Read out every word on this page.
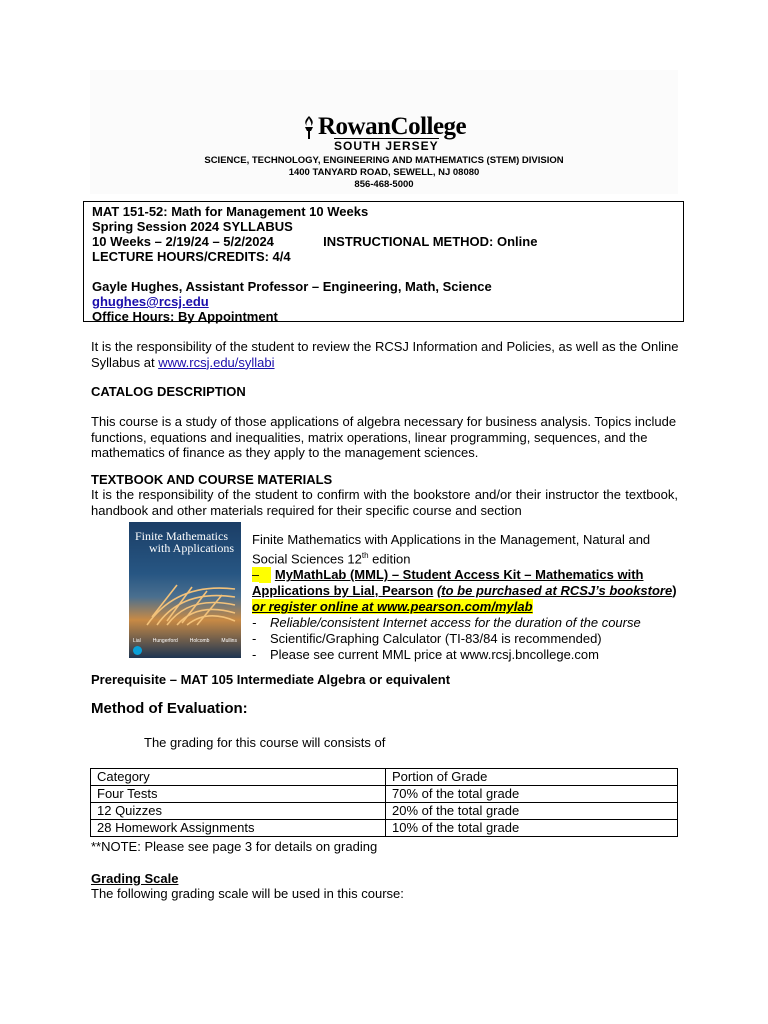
RowanCollege
SOUTH JERSEY
SCIENCE, TECHNOLOGY, ENGINEERING AND MATHEMATICS (STEM) DIVISION
1400 TANYARD ROAD, SEWELL, NJ 08080
856-468-5000
MAT 151-52: Math for Management 10 Weeks
Spring Session 2024 SYLLABUS
10 Weeks – 2/19/24 – 5/2/2024	INSTRUCTIONAL METHOD: Online
LECTURE HOURS/CREDITS: 4/4
Gayle Hughes, Assistant Professor – Engineering, Math, Science
ghughes@rcsj.edu
Office Hours: By Appointment
It is the responsibility of the student to review the RCSJ Information and Policies, as well as the Online Syllabus at www.rcsj.edu/syllabi
CATALOG DESCRIPTION
This course is a study of those applications of algebra necessary for business analysis. Topics include functions, equations and inequalities, matrix operations, linear programming, sequences, and the mathematics of finance as they apply to the management sciences.
TEXTBOOK AND COURSE MATERIALS
It is the responsibility of the student to confirm with the bookstore and/or their instructor the textbook, handbook and other materials required for their specific course and section
Finite Mathematics
with Applications
Lial Hungerford Holcomb Mullins
Finite Mathematics with Applications in the Management, Natural and Social Sciences 12th edition
– MyMathLab (MML) – Student Access Kit – Mathematics with Applications by Lial, Pearson (to be purchased at RCSJ’s bookstore) or register online at www.pearson.com/mylab
- Reliable/consistent Internet access for the duration of the course
- Scientific/Graphing Calculator (TI-83/84 is recommended)
- Please see current MML price at www.rcsj.bncollege.com
Prerequisite – MAT 105 Intermediate Algebra or equivalent
Method of Evaluation:
The grading for this course will consists of
Category	Portion of Grade
Four Tests	70% of the total grade
12 Quizzes	20% of the total grade
28 Homework Assignments	10% of the total grade
**NOTE: Please see page 3 for details on grading
Grading Scale
The following grading scale will be used in this course:
